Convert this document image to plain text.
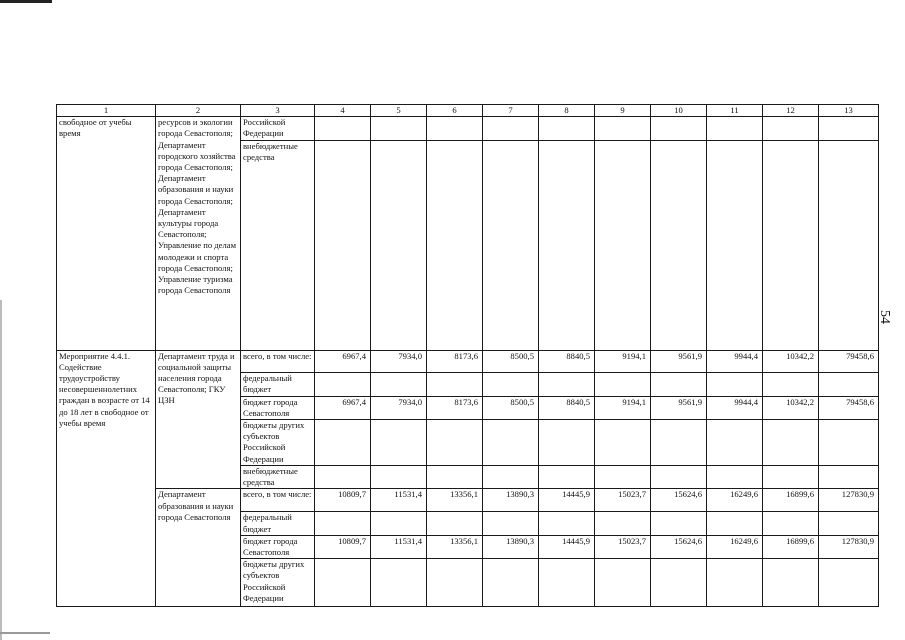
54
1	2	3	4	5	6	7	8	9	10	11	12	13
свободное от учебы время	ресурсов и экологии города Севастополя; Департамент городского хозяйства города Севастополя; Департамент образования и науки города Севастополя; Департамент культуры города Севастополя; Управление по делам молодежи и спорта города Севастополя; Управление туризма города Севастополя	Российской Федерации										
		внебюджетные средства										
Мероприятие 4.4.1. Содействие трудоустройству несовершеннолетних граждан в возрасте от 14 до 18 лет в свободное от учебы время	Департамент труда и социальной защиты населения города Севастополя; ГКУ ЦЗН	всего, в том числе:	6967,4	7934,0	8173,6	8500,5	8840,5	9194,1	9561,9	9944,4	10342,2	79458,6
		федеральный бюджет										
		бюджет города Севастополя	6967,4	7934,0	8173,6	8500,5	8840,5	9194,1	9561,9	9944,4	10342,2	79458,6
		бюджеты других субъектов Российской Федерации										
		внебюджетные средства										
	Департамент образования и науки города Севастополя	всего, в том числе:	10809,7	11531,4	13356,1	13890,3	14445,9	15023,7	15624,6	16249,6	16899,6	127830,9
		федеральный бюджет										
		бюджет города Севастополя	10809,7	11531,4	13356,1	13890,3	14445,9	15023,7	15624,6	16249,6	16899,6	127830,9
		бюджеты других субъектов Российской Федерации										
